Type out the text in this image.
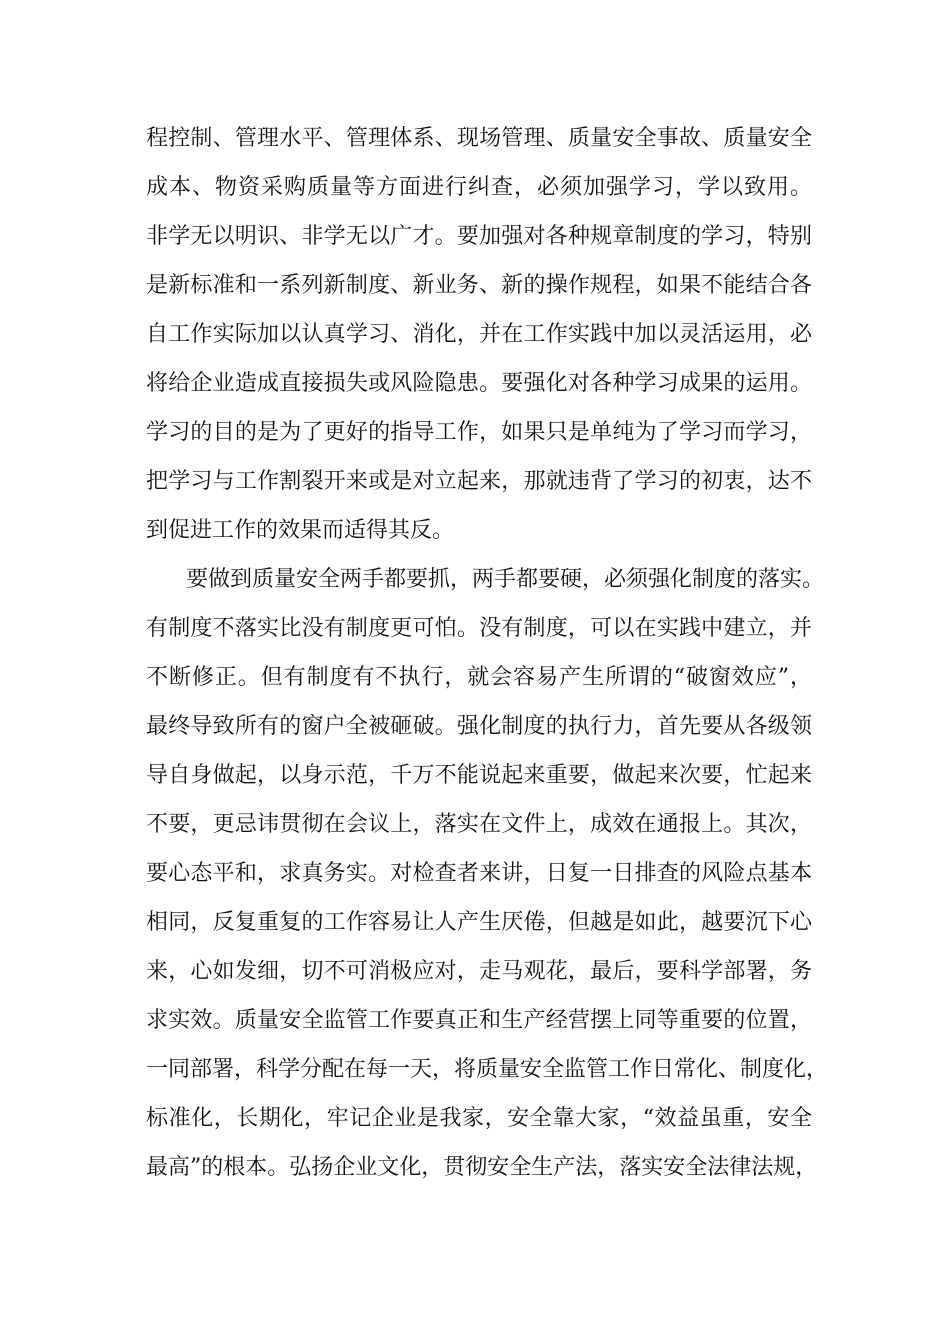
程控制、管理水平、管理体系、现场管理、质量安全事故、质量安全
成本、物资采购质量等方面进行纠查，必须加强学习，学以致用。
非学无以明识、非学无以广才。要加强对各种规章制度的学习，特别
是新标准和一系列新制度、新业务、新的操作规程，如果不能结合各
自工作实际加以认真学习、消化，并在工作实践中加以灵活运用，必
将给企业造成直接损失或风险隐患。要强化对各种学习成果的运用。
学习的目的是为了更好的指导工作，如果只是单纯为了学习而学习，
把学习与工作割裂开来或是对立起来，那就违背了学习的初衷，达不
到促进工作的效果而适得其反。
要做到质量安全两手都要抓，两手都要硬，必须强化制度的落实。
有制度不落实比没有制度更可怕。没有制度，可以在实践中建立，并
不断修正。但有制度有不执行，就会容易产生所谓的“破窗效应”，
最终导致所有的窗户全被砸破。强化制度的执行力，首先要从各级领
导自身做起，以身示范，千万不能说起来重要，做起来次要，忙起来
不要，更忌讳贯彻在会议上，落实在文件上，成效在通报上。其次，
要心态平和，求真务实。对检查者来讲，日复一日排查的风险点基本
相同，反复重复的工作容易让人产生厌倦，但越是如此，越要沉下心
来，心如发细，切不可消极应对，走马观花，最后，要科学部署，务
求实效。质量安全监管工作要真正和生产经营摆上同等重要的位置，
一同部署，科学分配在每一天，将质量安全监管工作日常化、制度化，
标准化，长期化，牢记企业是我家，安全靠大家，“效益虽重，安全
最高”的根本。弘扬企业文化，贯彻安全生产法，落实安全法律法规，
